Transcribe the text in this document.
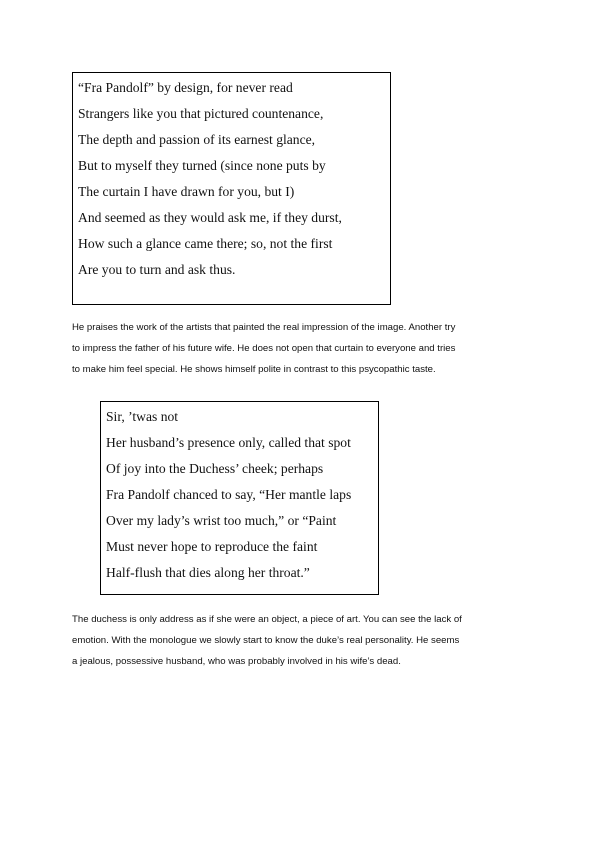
“Fra Pandolf” by design, for never read
Strangers like you that pictured countenance,
The depth and passion of its earnest glance,
But to myself they turned (since none puts by
The curtain I have drawn for you, but I)
And seemed as they would ask me, if they durst,
How such a glance came there; so, not the first
Are you to turn and ask thus.
He praises the work of the artists that painted the real impression of the image. Another try
to impress the father of his future wife. He does not open that curtain to everyone and tries
to make him feel special. He shows himself polite in contrast to this psycopathic taste.
Sir, ’twas not
Her husband’s presence only, called that spot
Of joy into the Duchess’ cheek; perhaps
Fra Pandolf chanced to say, “Her mantle laps
Over my lady’s wrist too much,” or “Paint
Must never hope to reproduce the faint
Half-flush that dies along her throat.”
The duchess is only address as if she were an object, a piece of art. You can see the lack of
emotion. With the monologue we slowly start to know the duke’s real personality. He seems
a jealous, possessive husband, who was probably involved in his wife’s dead.
